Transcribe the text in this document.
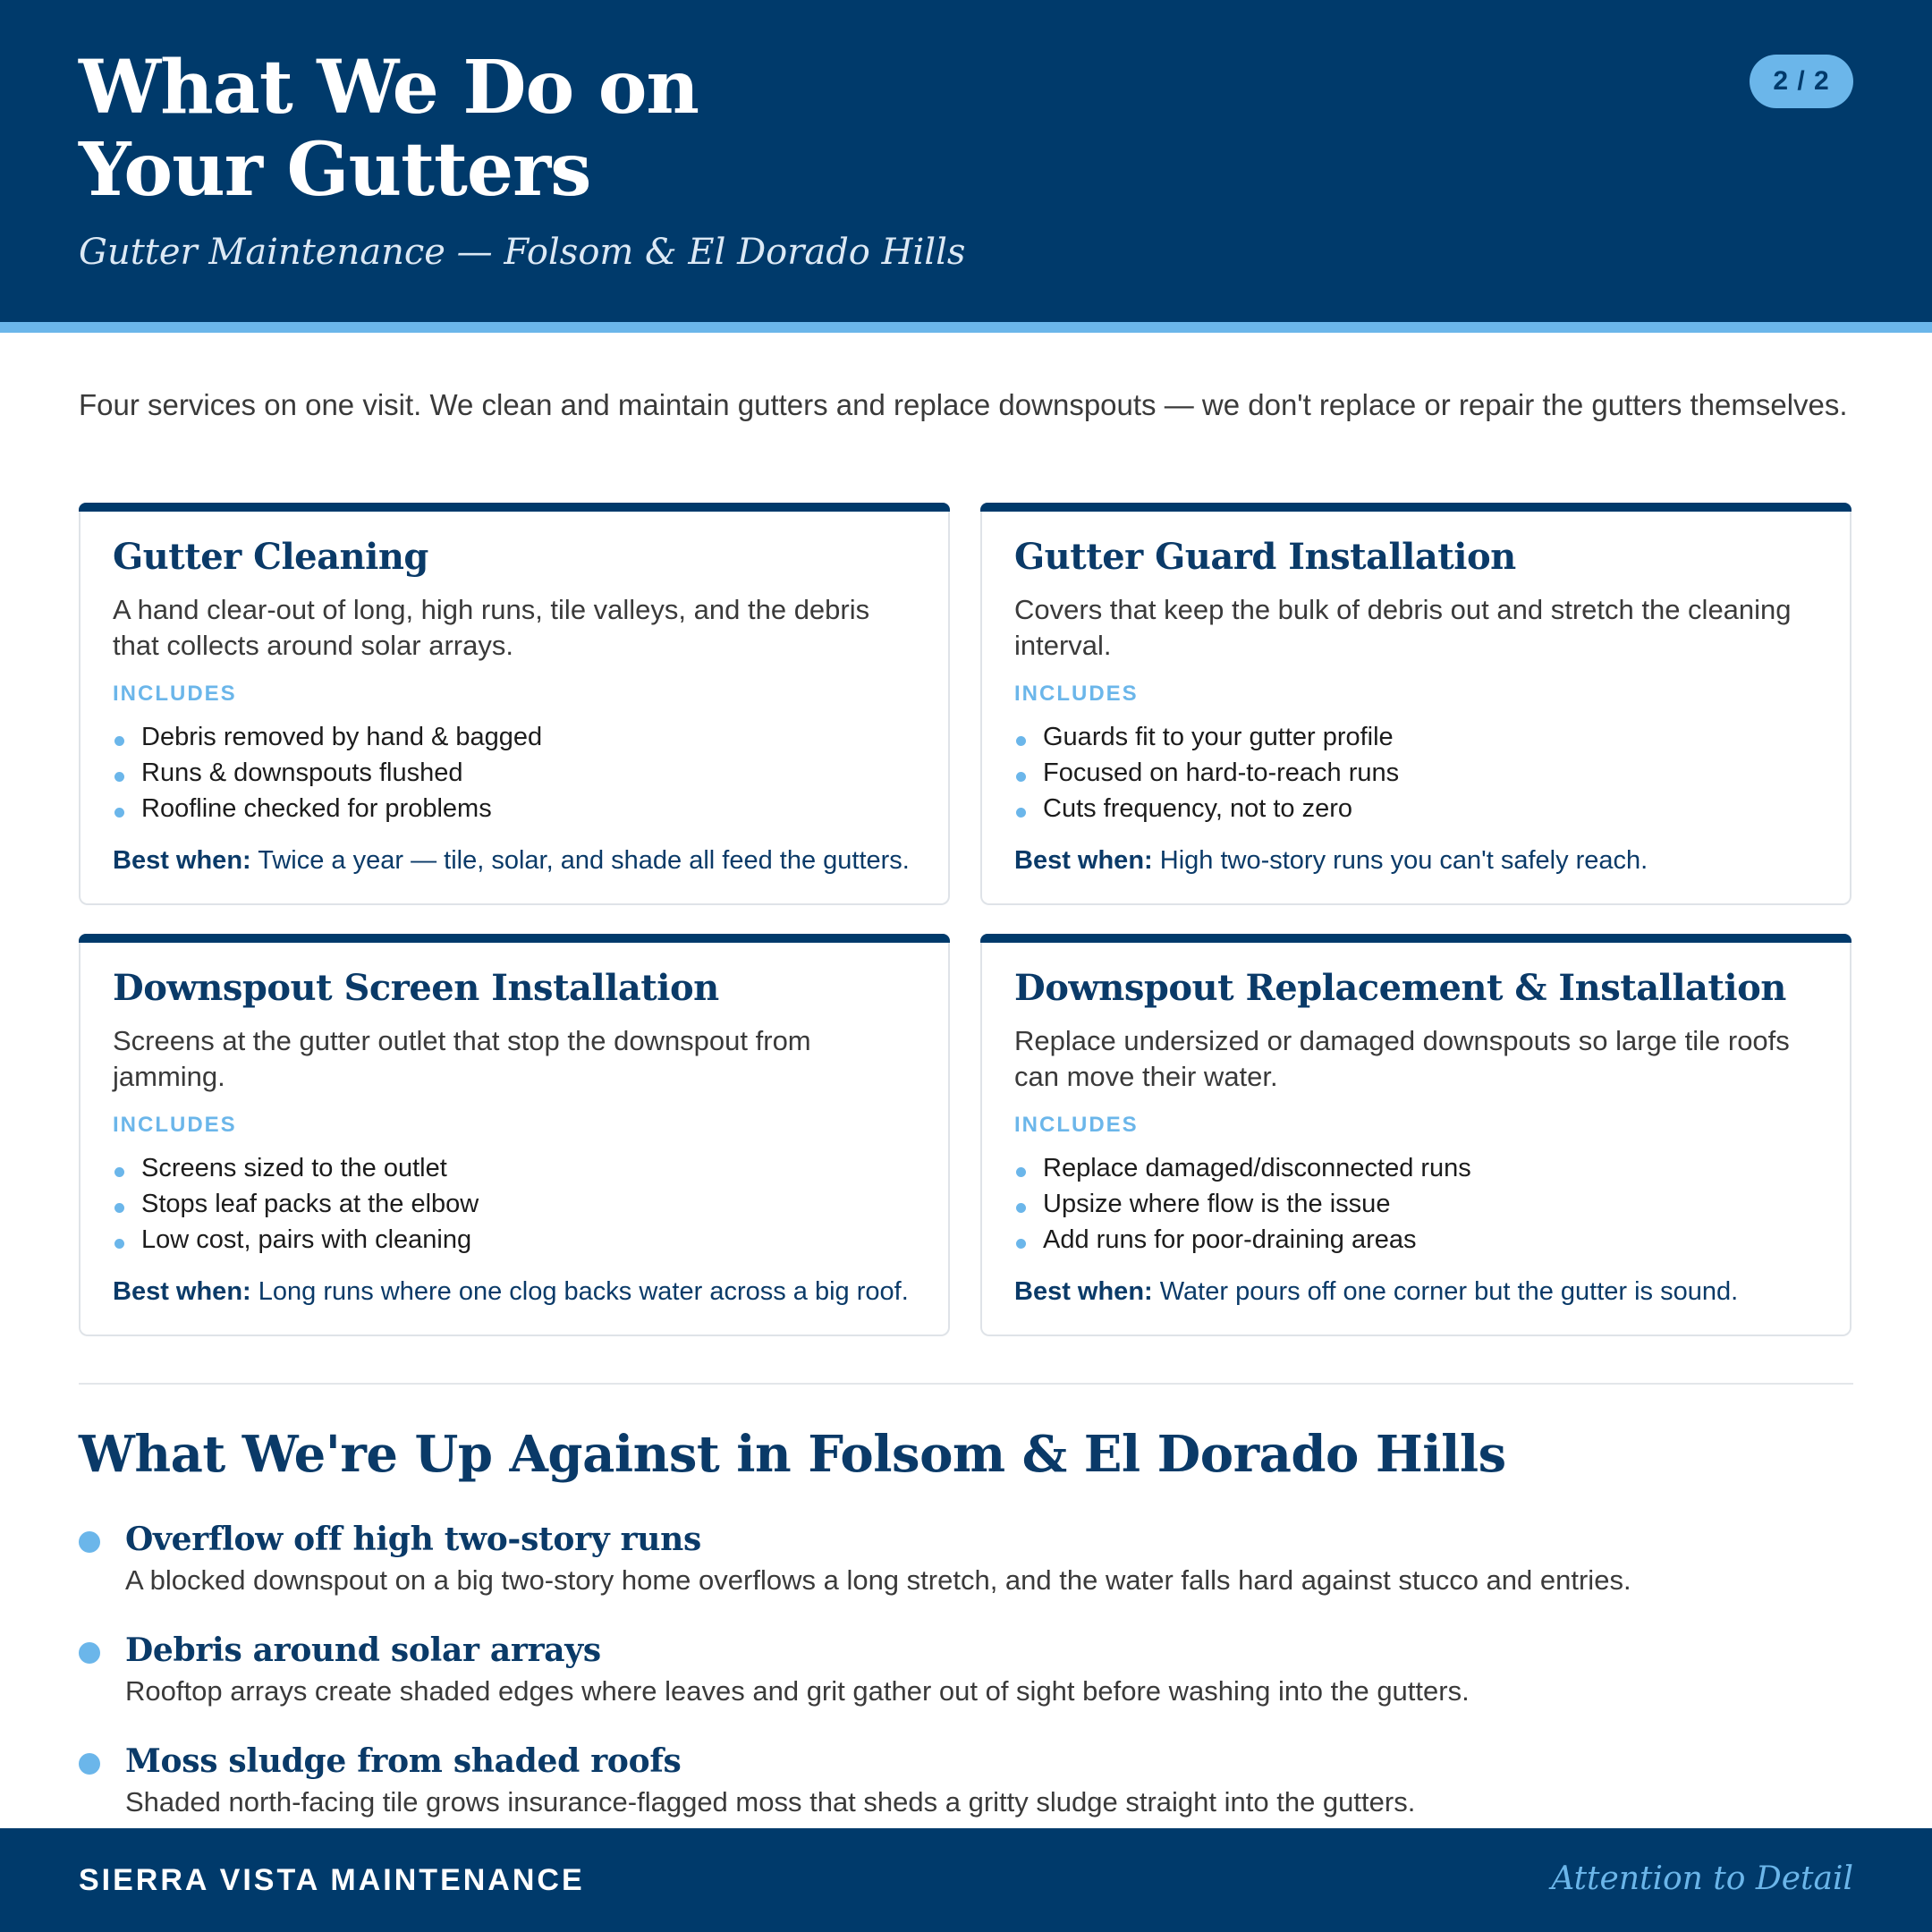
What We Do on
Your Gutters
Gutter Maintenance — Folsom & El Dorado Hills
2 / 2

Four services on one visit. We clean and maintain gutters and replace downspouts — we don't replace or repair the gutters themselves.

Gutter Cleaning

A hand clear-out of long, high runs, tile valleys, and the debris that collects around solar arrays.

INCLUDES
Debris removed by hand & bagged
Runs & downspouts flushed
Roofline checked for problems

Best when: Twice a year — tile, solar, and shade all feed the gutters.

Gutter Guard Installation

Covers that keep the bulk of debris out and stretch the cleaning interval.

INCLUDES
Guards fit to your gutter profile
Focused on hard-to-reach runs
Cuts frequency, not to zero

Best when: High two-story runs you can't safely reach.

Downspout Screen Installation

Screens at the gutter outlet that stop the downspout from jamming.

INCLUDES
Screens sized to the outlet
Stops leaf packs at the elbow
Low cost, pairs with cleaning

Best when: Long runs where one clog backs water across a big roof.

Downspout Replacement & Installation

Replace undersized or damaged downspouts so large tile roofs can move their water.

INCLUDES
Replace damaged/disconnected runs
Upsize where flow is the issue
Add runs for poor-draining areas

Best when: Water pours off one corner but the gutter is sound.

What We're Up Against in Folsom & El Dorado Hills
Overflow off high two-story runs
A blocked downspout on a big two-story home overflows a long stretch, and the water falls hard against stucco and entries.
Debris around solar arrays
Rooftop arrays create shaded edges where leaves and grit gather out of sight before washing into the gutters.
Moss sludge from shaded roofs
Shaded north-facing tile grows insurance-flagged moss that sheds a gritty sludge straight into the gutters.
SIERRA VISTA MAINTENANCE	Attention to Detail
